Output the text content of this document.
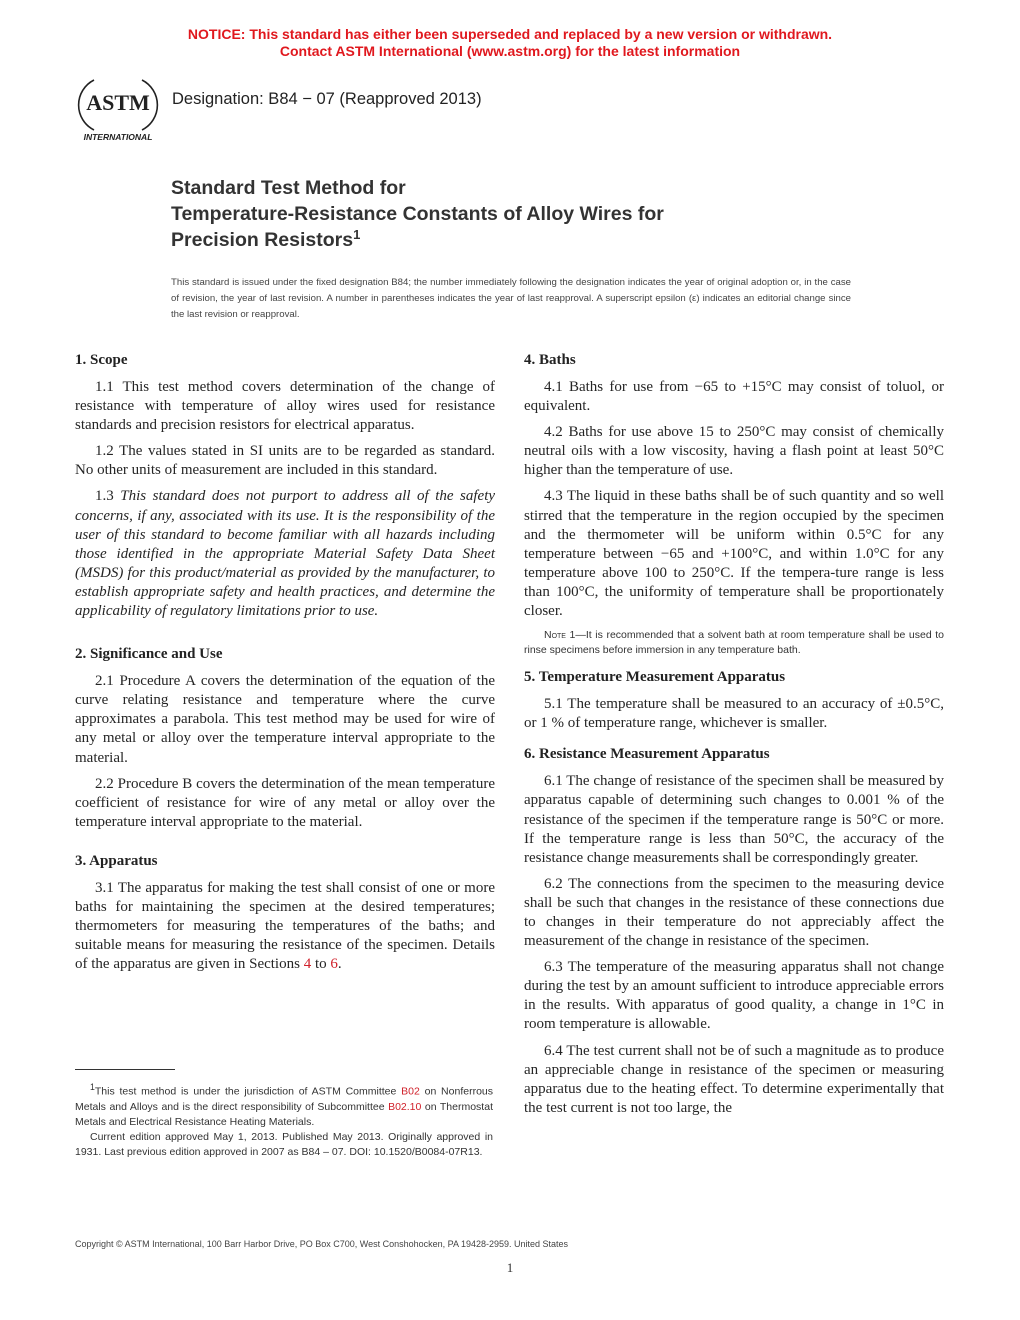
NOTICE: This standard has either been superseded and replaced by a new version or withdrawn.
Contact ASTM International (www.astm.org) for the latest information
ASTM
INTERNATIONAL
Designation: B84 − 07 (Reapproved 2013)
Standard Test Method for
Temperature-Resistance Constants of Alloy Wires for
Precision Resistors$^1$
This standard is issued under the fixed designation B84; the number immediately following the designation indicates the year of original adoption or, in the case of revision, the year of last revision. A number in parentheses indicates the year of last reapproval. A superscript epsilon (ε) indicates an editorial change since the last revision or reapproval.
1. Scope

1.1 This test method covers determination of the change of resistance with temperature of alloy wires used for resistance standards and precision resistors for electrical apparatus.

1.2 The values stated in SI units are to be regarded as standard. No other units of measurement are included in this standard.

1.3 This standard does not purport to address all of the safety concerns, if any, associated with its use. It is the responsibility of the user of this standard to become familiar with all hazards including those identified in the appropriate Material Safety Data Sheet (MSDS) for this product/material as provided by the manufacturer, to establish appropriate safety and health practices, and determine the applicability of regulatory limitations prior to use.

2. Significance and Use

2.1 Procedure A covers the determination of the equation of the curve relating resistance and temperature where the curve approximates a parabola. This test method may be used for wire of any metal or alloy over the temperature interval appropriate to the material.

2.2 Procedure B covers the determination of the mean temperature coefficient of resistance for wire of any metal or alloy over the temperature interval appropriate to the material.

3. Apparatus

3.1 The apparatus for making the test shall consist of one or more baths for maintaining the specimen at the desired temperatures; thermometers for measuring the temperatures of the baths; and suitable means for measuring the resistance of the specimen. Details of the apparatus are given in Sections 4 to 6.

4. Baths

4.1 Baths for use from −65 to +15°C may consist of toluol, or equivalent.

4.2 Baths for use above 15 to 250°C may consist of chemically neutral oils with a low viscosity, having a flash point at least 50°C higher than the temperature of use.

4.3 The liquid in these baths shall be of such quantity and so well stirred that the temperature in the region occupied by the specimen and the thermometer will be uniform within 0.5°C for any temperature between −65 and +100°C, and within 1.0°C for any temperature above 100 to 250°C. If the tempera-ture range is less than 100°C, the uniformity of temperature shall be proportionately closer.

Note 1—It is recommended that a solvent bath at room temperature shall be used to rinse specimens before immersion in any temperature bath.

5. Temperature Measurement Apparatus

5.1 The temperature shall be measured to an accuracy of ±0.5°C, or 1 % of temperature range, whichever is smaller.

6. Resistance Measurement Apparatus

6.1 The change of resistance of the specimen shall be measured by apparatus capable of determining such changes to 0.001 % of the resistance of the specimen if the temperature range is 50°C or more. If the temperature range is less than 50°C, the accuracy of the resistance change measurements shall be correspondingly greater.

6.2 The connections from the specimen to the measuring device shall be such that changes in the resistance of these connections due to changes in their temperature do not appreciably affect the measurement of the change in resistance of the specimen.

6.3 The temperature of the measuring apparatus shall not change during the test by an amount sufficient to introduce appreciable errors in the results. With apparatus of good quality, a change in 1°C in room temperature is allowable.

6.4 The test current shall not be of such a magnitude as to produce an appreciable change in resistance of the specimen or measuring apparatus due to the heating effect. To determine experimentally that the test current is not too large, the

$^1$This test method is under the jurisdiction of ASTM Committee B02 on Nonferrous Metals and Alloys and is the direct responsibility of Subcommittee B02.10 on Thermostat Metals and Electrical Resistance Heating Materials.

Current edition approved May 1, 2013. Published May 2013. Originally approved in 1931. Last previous edition approved in 2007 as B84 – 07. DOI: 10.1520/B0084-07R13.

Copyright © ASTM International, 100 Barr Harbor Drive, PO Box C700, West Conshohocken, PA 19428-2959. United States
1
